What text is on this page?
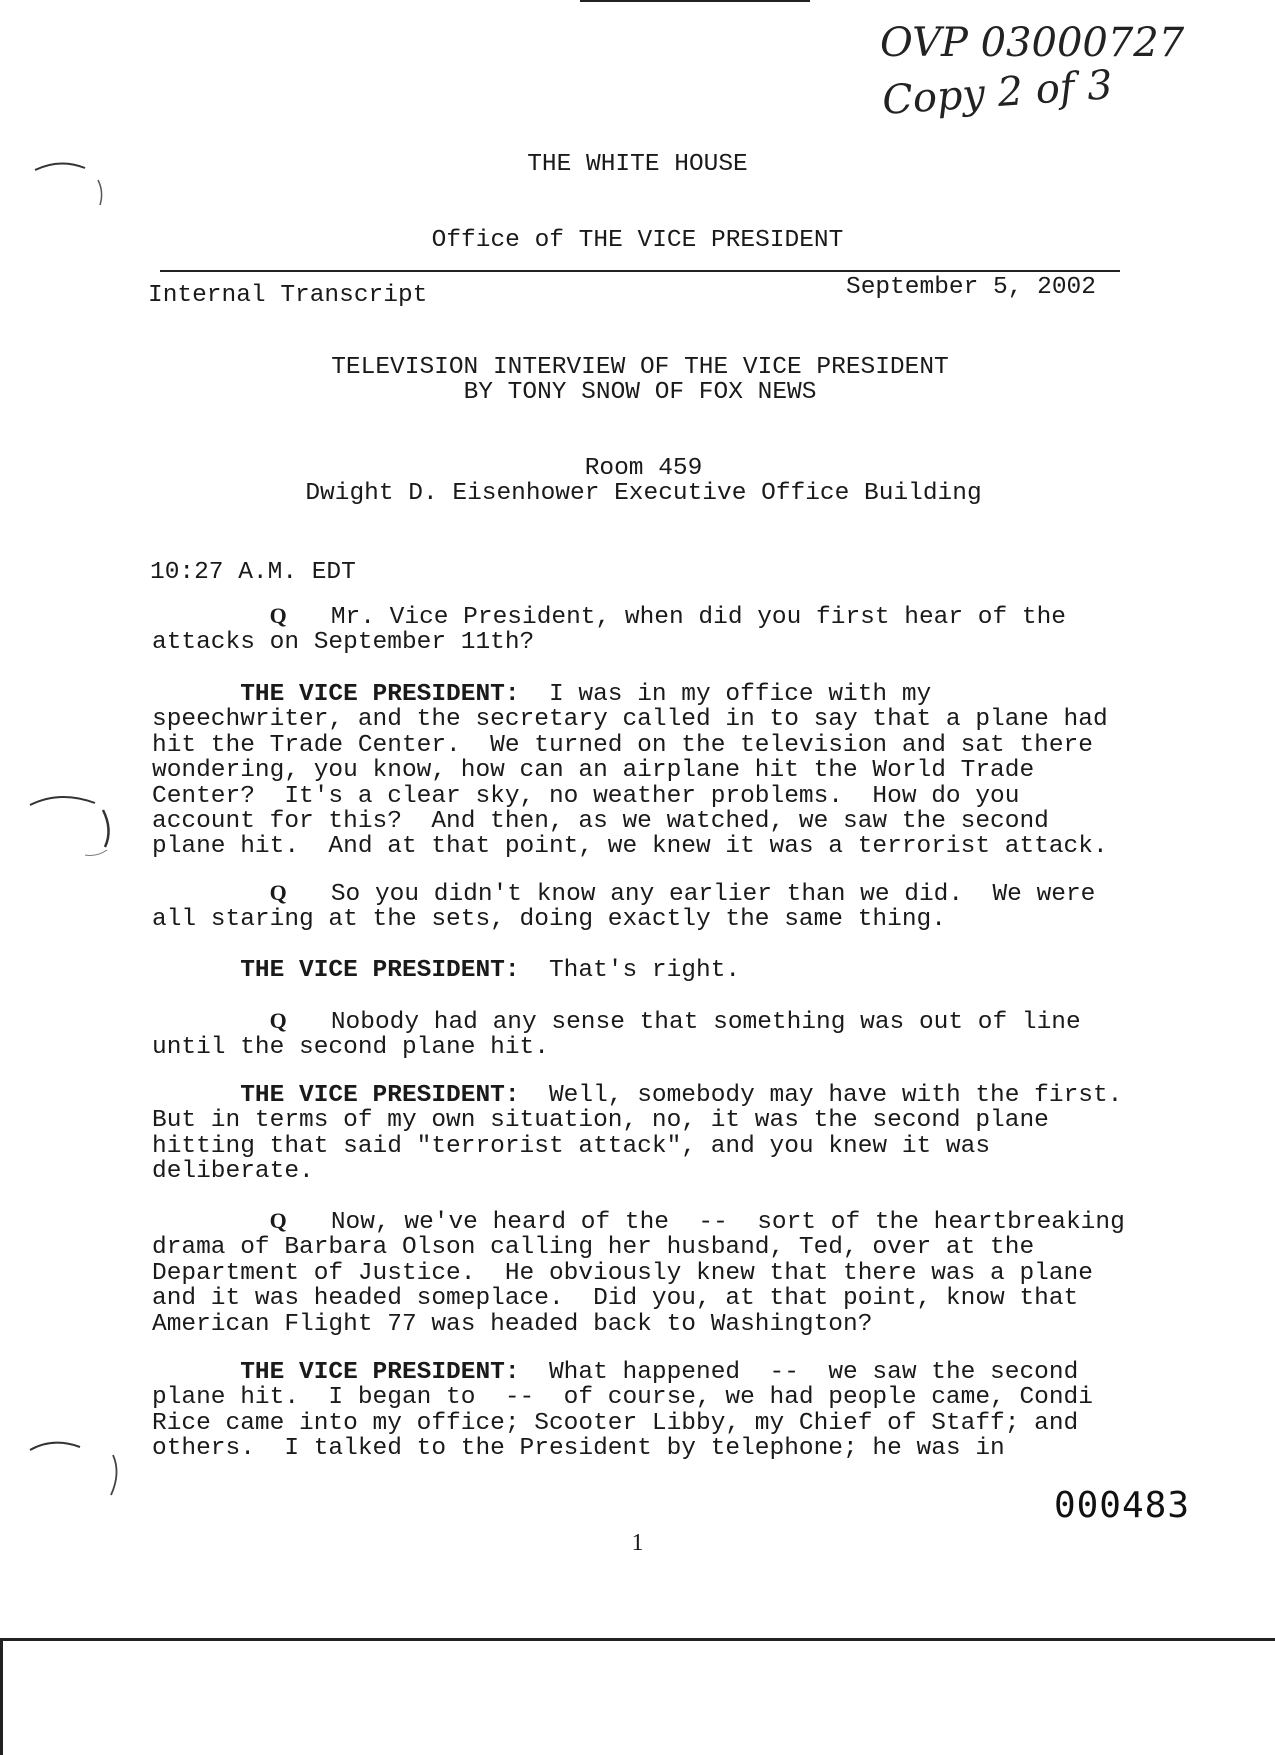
OVP 03000727
Copy 2 of 3
THE WHITE HOUSE
Office of THE VICE PRESIDENT
Internal Transcript	September 5, 2002
TELEVISION INTERVIEW OF THE VICE PRESIDENT
BY TONY SNOW OF FOX NEWS
Room 459
Dwight D. Eisenhower Executive Office Building
10:27 A.M. EDT
Q   Mr. Vice President, when did you first hear of the
attacks on September 11th?
THE VICE PRESIDENT:  I was in my office with my
speechwriter, and the secretary called in to say that a plane had
hit the Trade Center.  We turned on the television and sat there
wondering, you know, how can an airplane hit the World Trade
Center?  It's a clear sky, no weather problems.  How do you
account for this?  And then, as we watched, we saw the second
plane hit.  And at that point, we knew it was a terrorist attack.
Q   So you didn't know any earlier than we did.  We were
all staring at the sets, doing exactly the same thing.
THE VICE PRESIDENT:  That's right.
Q   Nobody had any sense that something was out of line
until the second plane hit.
THE VICE PRESIDENT:  Well, somebody may have with the first.
But in terms of my own situation, no, it was the second plane
hitting that said "terrorist attack", and you knew it was
deliberate.
Q   Now, we've heard of the  --  sort of the heartbreaking
drama of Barbara Olson calling her husband, Ted, over at the
Department of Justice.  He obviously knew that there was a plane
and it was headed someplace.  Did you, at that point, know that
American Flight 77 was headed back to Washington?
THE VICE PRESIDENT:  What happened  --  we saw the second
plane hit.  I began to  --  of course, we had people came, Condi
Rice came into my office; Scooter Libby, my Chief of Staff; and
others.  I talked to the President by telephone; he was in
000483
1
